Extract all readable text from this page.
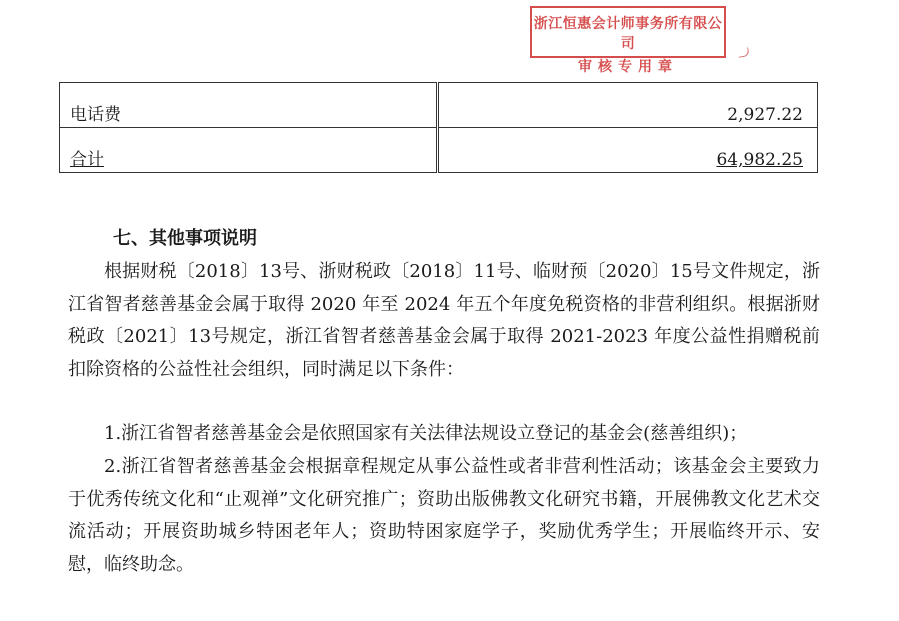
浙江恒惠会计师事务所有限公司
审核专用章
电话费	2,927.22
合计	64,982.25
七、其他事项说明

根据财税〔2018〕13号、浙财税政〔2018〕11号、临财预〔2020〕15号文件规定，浙江省智者慈善基金会属于取得 2020 年至 2024 年五个年度免税资格的非营利组织。根据浙财税政〔2021〕13号规定，浙江省智者慈善基金会属于取得 2021-2023 年度公益性捐赠税前扣除资格的公益性社会组织，同时满足以下条件：

1.浙江省智者慈善基金会是依照国家有关法律法规设立登记的基金会(慈善组织)；

2.浙江省智者慈善基金会根据章程规定从事公益性或者非营利性活动；该基金会主要致力于优秀传统文化和“止观禅”文化研究推广；资助出版佛教文化研究书籍，开展佛教文化艺术交流活动；开展资助城乡特困老年人；资助特困家庭学子，奖励优秀学生；开展临终开示、安慰，临终助念。
